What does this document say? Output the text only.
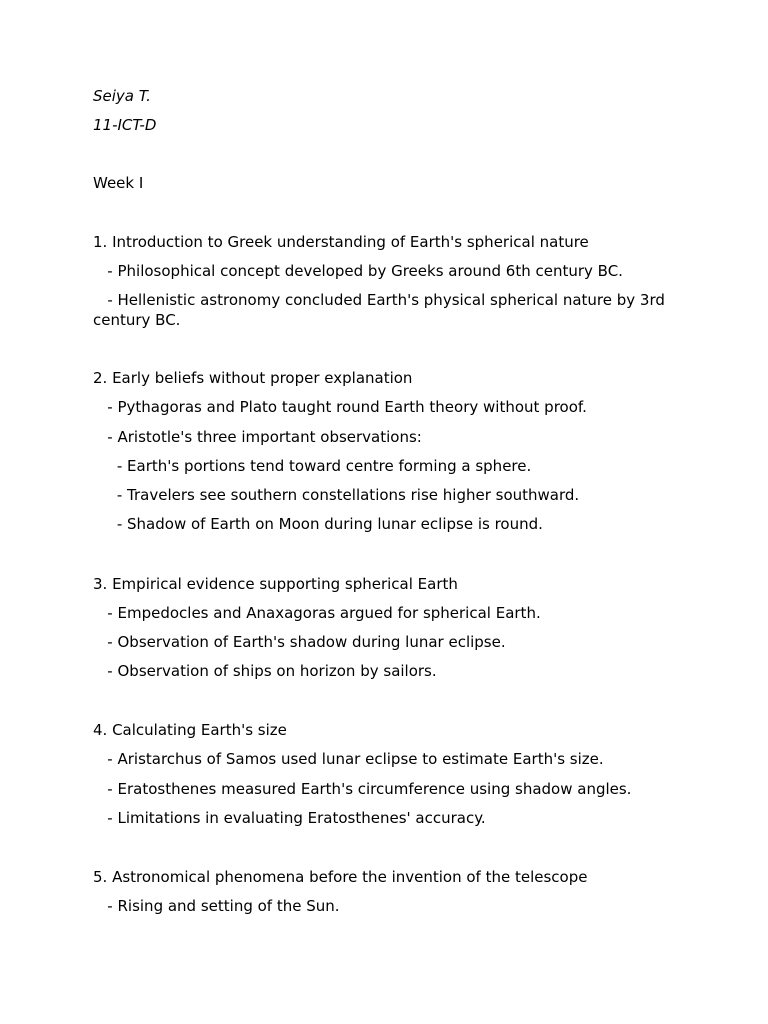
Seiya T.
11-ICT-D
Week I
1. Introduction to Greek understanding of Earth's spherical nature
- Philosophical concept developed by Greeks around 6th century BC.
- Hellenistic astronomy concluded Earth's physical spherical nature by 3rd century BC.
2. Early beliefs without proper explanation
- Pythagoras and Plato taught round Earth theory without proof.
- Aristotle's three important observations:
- Earth's portions tend toward centre forming a sphere.
- Travelers see southern constellations rise higher southward.
- Shadow of Earth on Moon during lunar eclipse is round.
3. Empirical evidence supporting spherical Earth
- Empedocles and Anaxagoras argued for spherical Earth.
- Observation of Earth's shadow during lunar eclipse.
- Observation of ships on horizon by sailors.
4. Calculating Earth's size
- Aristarchus of Samos used lunar eclipse to estimate Earth's size.
- Eratosthenes measured Earth's circumference using shadow angles.
- Limitations in evaluating Eratosthenes' accuracy.
5. Astronomical phenomena before the invention of the telescope
- Rising and setting of the Sun.
